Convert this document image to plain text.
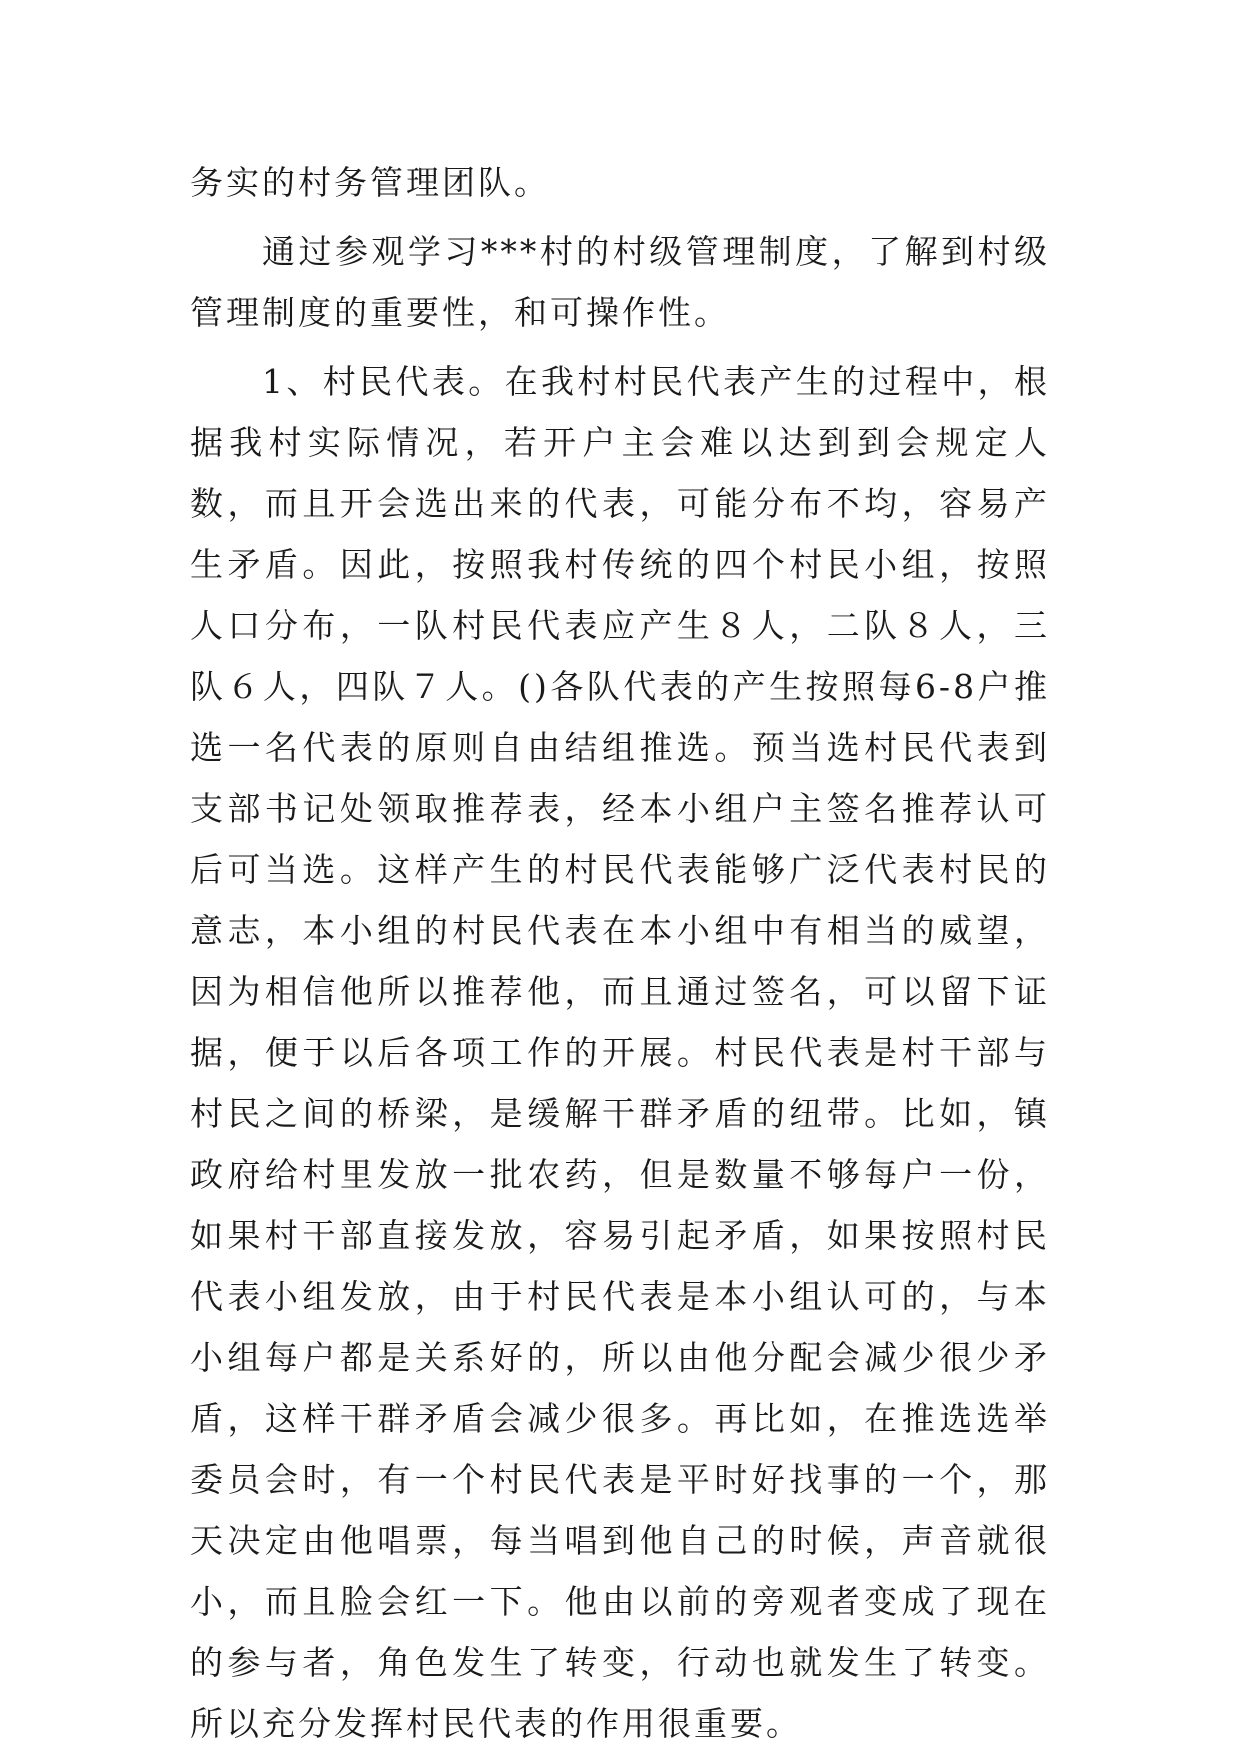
务实的村务管理团队。

通过参观学习***村的村级管理制度，了解到村级管理制度的重要性，和可操作性。

1、村民代表。在我村村民代表产生的过程中，根据我村实际情况，若开户主会难以达到到会规定人数，而且开会选出来的代表，可能分布不均，容易产生矛盾。因此，按照我村传统的四个村民小组，按照人口分布，一队村民代表应产生８人，二队８人，三队６人，四队７人。()各队代表的产生按照每6-8户推选一名代表的原则自由结组推选。预当选村民代表到支部书记处领取推荐表，经本小组户主签名推荐认可后可当选。这样产生的村民代表能够广泛代表村民的意志，本小组的村民代表在本小组中有相当的威望，因为相信他所以推荐他，而且通过签名，可以留下证据，便于以后各项工作的开展。村民代表是村干部与村民之间的桥梁，是缓解干群矛盾的纽带。比如，镇政府给村里发放一批农药，但是数量不够每户一份，如果村干部直接发放，容易引起矛盾，如果按照村民代表小组发放，由于村民代表是本小组认可的，与本小组每户都是关系好的，所以由他分配会减少很少矛盾，这样干群矛盾会减少很多。再比如，在推选选举委员会时，有一个村民代表是平时好找事的一个，那天决定由他唱票，每当唱到他自己的时候，声音就很小，而且脸会红一下。他由以前的旁观者变成了现在的参与者，角色发生了转变，行动也就发生了转变。所以充分发挥村民代表的作用很重要。
